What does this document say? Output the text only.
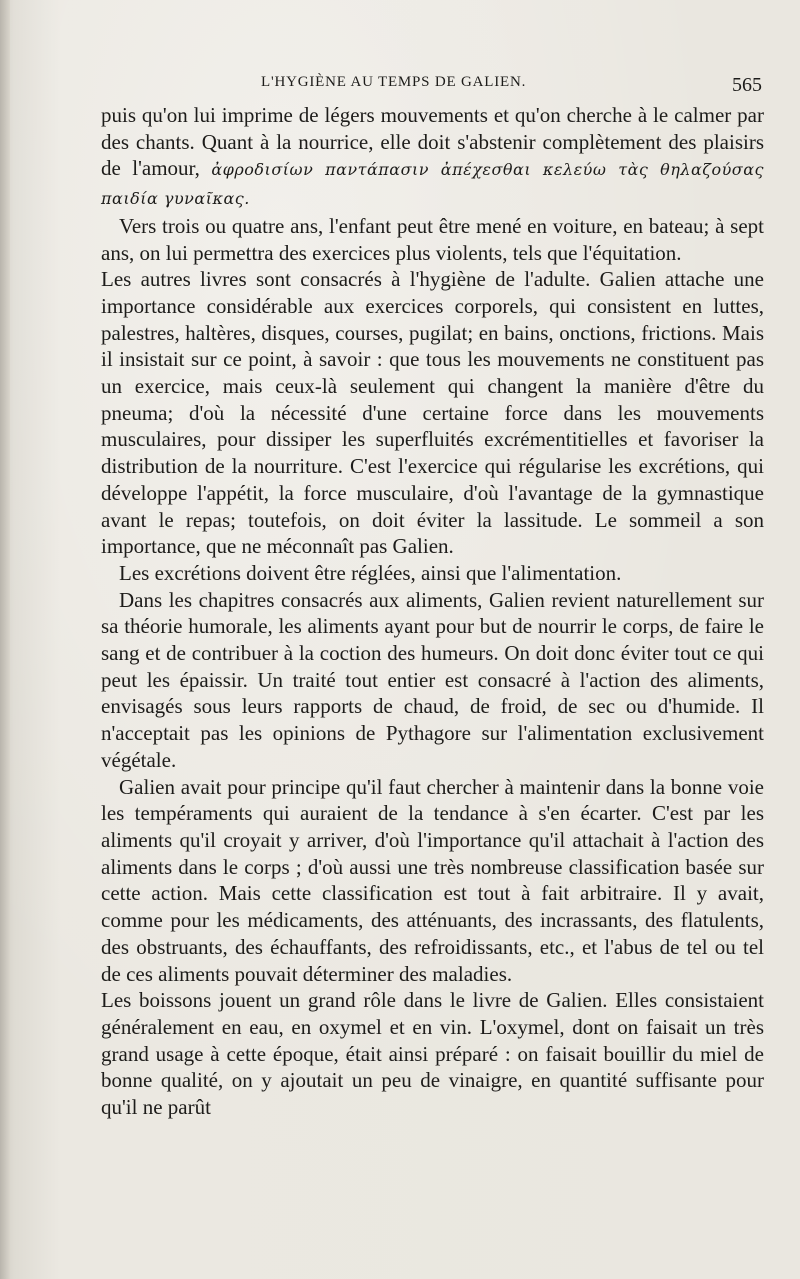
L'HYGIÈNE AU TEMPS DE GALIEN.	565

puis qu'on lui imprime de légers mouvements et qu'on cherche à le calmer par des chants. Quant à la nourrice, elle doit s'abstenir complètement des plaisirs de l'amour, ἀφροδισίων παντάπασιν ἀπέχεσθαι κελεύω τὰς θηλαζούσας παιδία γυναῖκας.

Vers trois ou quatre ans, l'enfant peut être mené en voiture, en bateau; à sept ans, on lui permettra des exercices plus violents, tels que l'équitation.

Les autres livres sont consacrés à l'hygiène de l'adulte. Galien attache une importance considérable aux exercices corporels, qui consistent en luttes, palestres, haltères, disques, courses, pugilat; en bains, onctions, frictions. Mais il insistait sur ce point, à savoir : que tous les mouvements ne constituent pas un exercice, mais ceux-là seulement qui changent la manière d'être du pneuma; d'où la nécessité d'une certaine force dans les mouvements musculaires, pour dissiper les superfluités excrémentitielles et favoriser la distribution de la nourriture. C'est l'exercice qui régularise les excrétions, qui développe l'appétit, la force musculaire, d'où l'avantage de la gymnastique avant le repas; toutefois, on doit éviter la lassitude. Le sommeil a son importance, que ne méconnaît pas Galien.

Les excrétions doivent être réglées, ainsi que l'alimentation.

Dans les chapitres consacrés aux aliments, Galien revient naturellement sur sa théorie humorale, les aliments ayant pour but de nourrir le corps, de faire le sang et de contribuer à la coction des humeurs. On doit donc éviter tout ce qui peut les épaissir. Un traité tout entier est consacré à l'action des aliments, envisagés sous leurs rapports de chaud, de froid, de sec ou d'humide. Il n'acceptait pas les opinions de Pythagore sur l'alimentation exclusivement végétale.

Galien avait pour principe qu'il faut chercher à maintenir dans la bonne voie les tempéraments qui auraient de la tendance à s'en écarter. C'est par les aliments qu'il croyait y arriver, d'où l'importance qu'il attachait à l'action des aliments dans le corps ; d'où aussi une très nombreuse classification basée sur cette action. Mais cette classification est tout à fait arbitraire. Il y avait, comme pour les médicaments, des atténuants, des incrassants, des flatulents, des obstruants, des échauffants, des refroidissants, etc., et l'abus de tel ou tel de ces aliments pouvait déterminer des maladies.

Les boissons jouent un grand rôle dans le livre de Galien. Elles consistaient généralement en eau, en oxymel et en vin. L'oxymel, dont on faisait un très grand usage à cette époque, était ainsi préparé : on faisait bouillir du miel de bonne qualité, on y ajoutait un peu de vinaigre, en quantité suffisante pour qu'il ne parût
